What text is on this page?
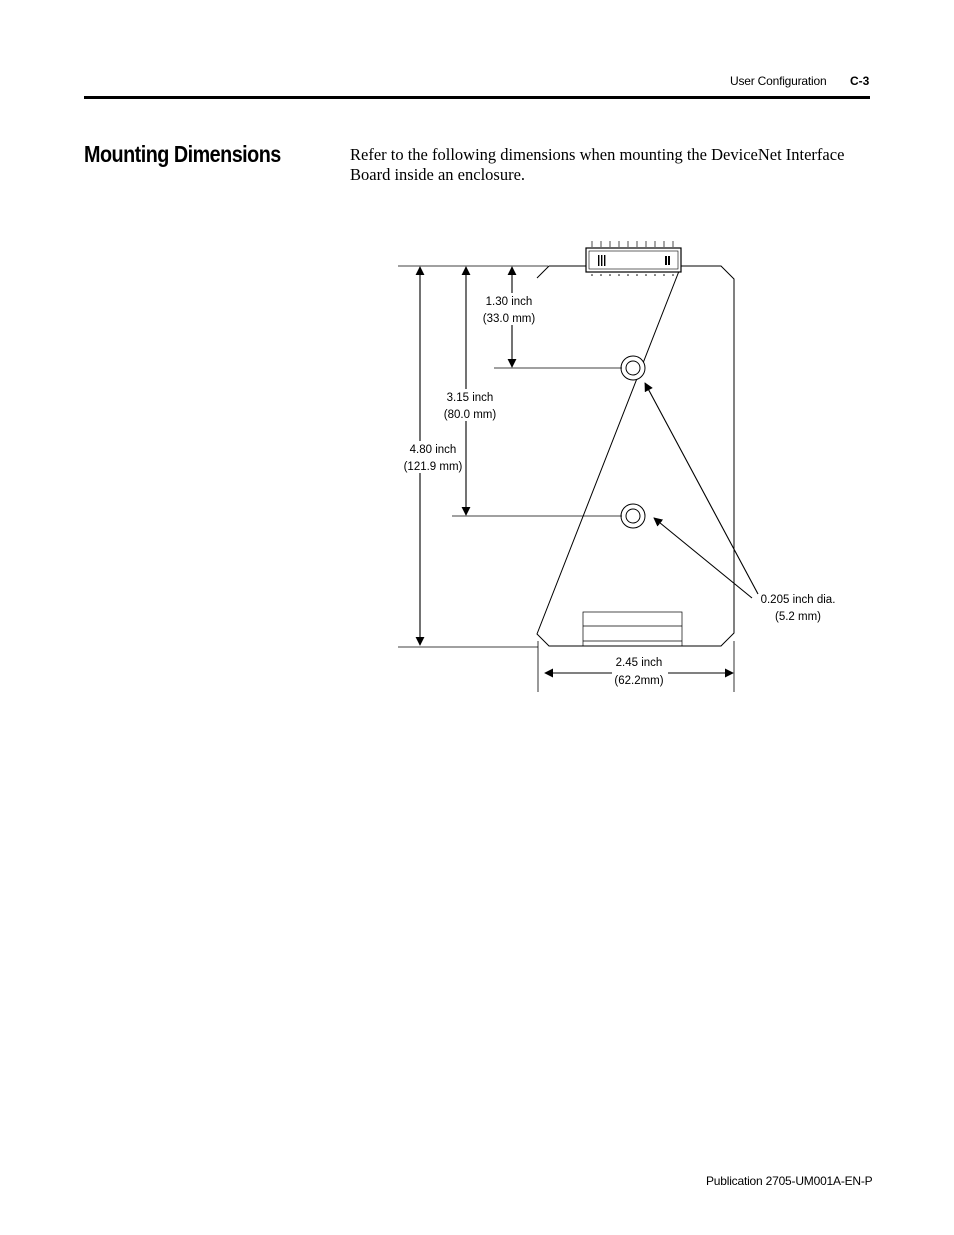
User Configuration C-3
Mounting Dimensions	Refer to the following dimensions when mounting the DeviceNet Interface Board inside an enclosure.

1.30 inch
(33.0 mm)
3.15 inch
(80.0 mm)
4.80 inch
(121.9 mm)
0.205 inch dia.
(5.2 mm)
2.45 inch
(62.2mm)
Publication 2705-UM001A-EN-P
